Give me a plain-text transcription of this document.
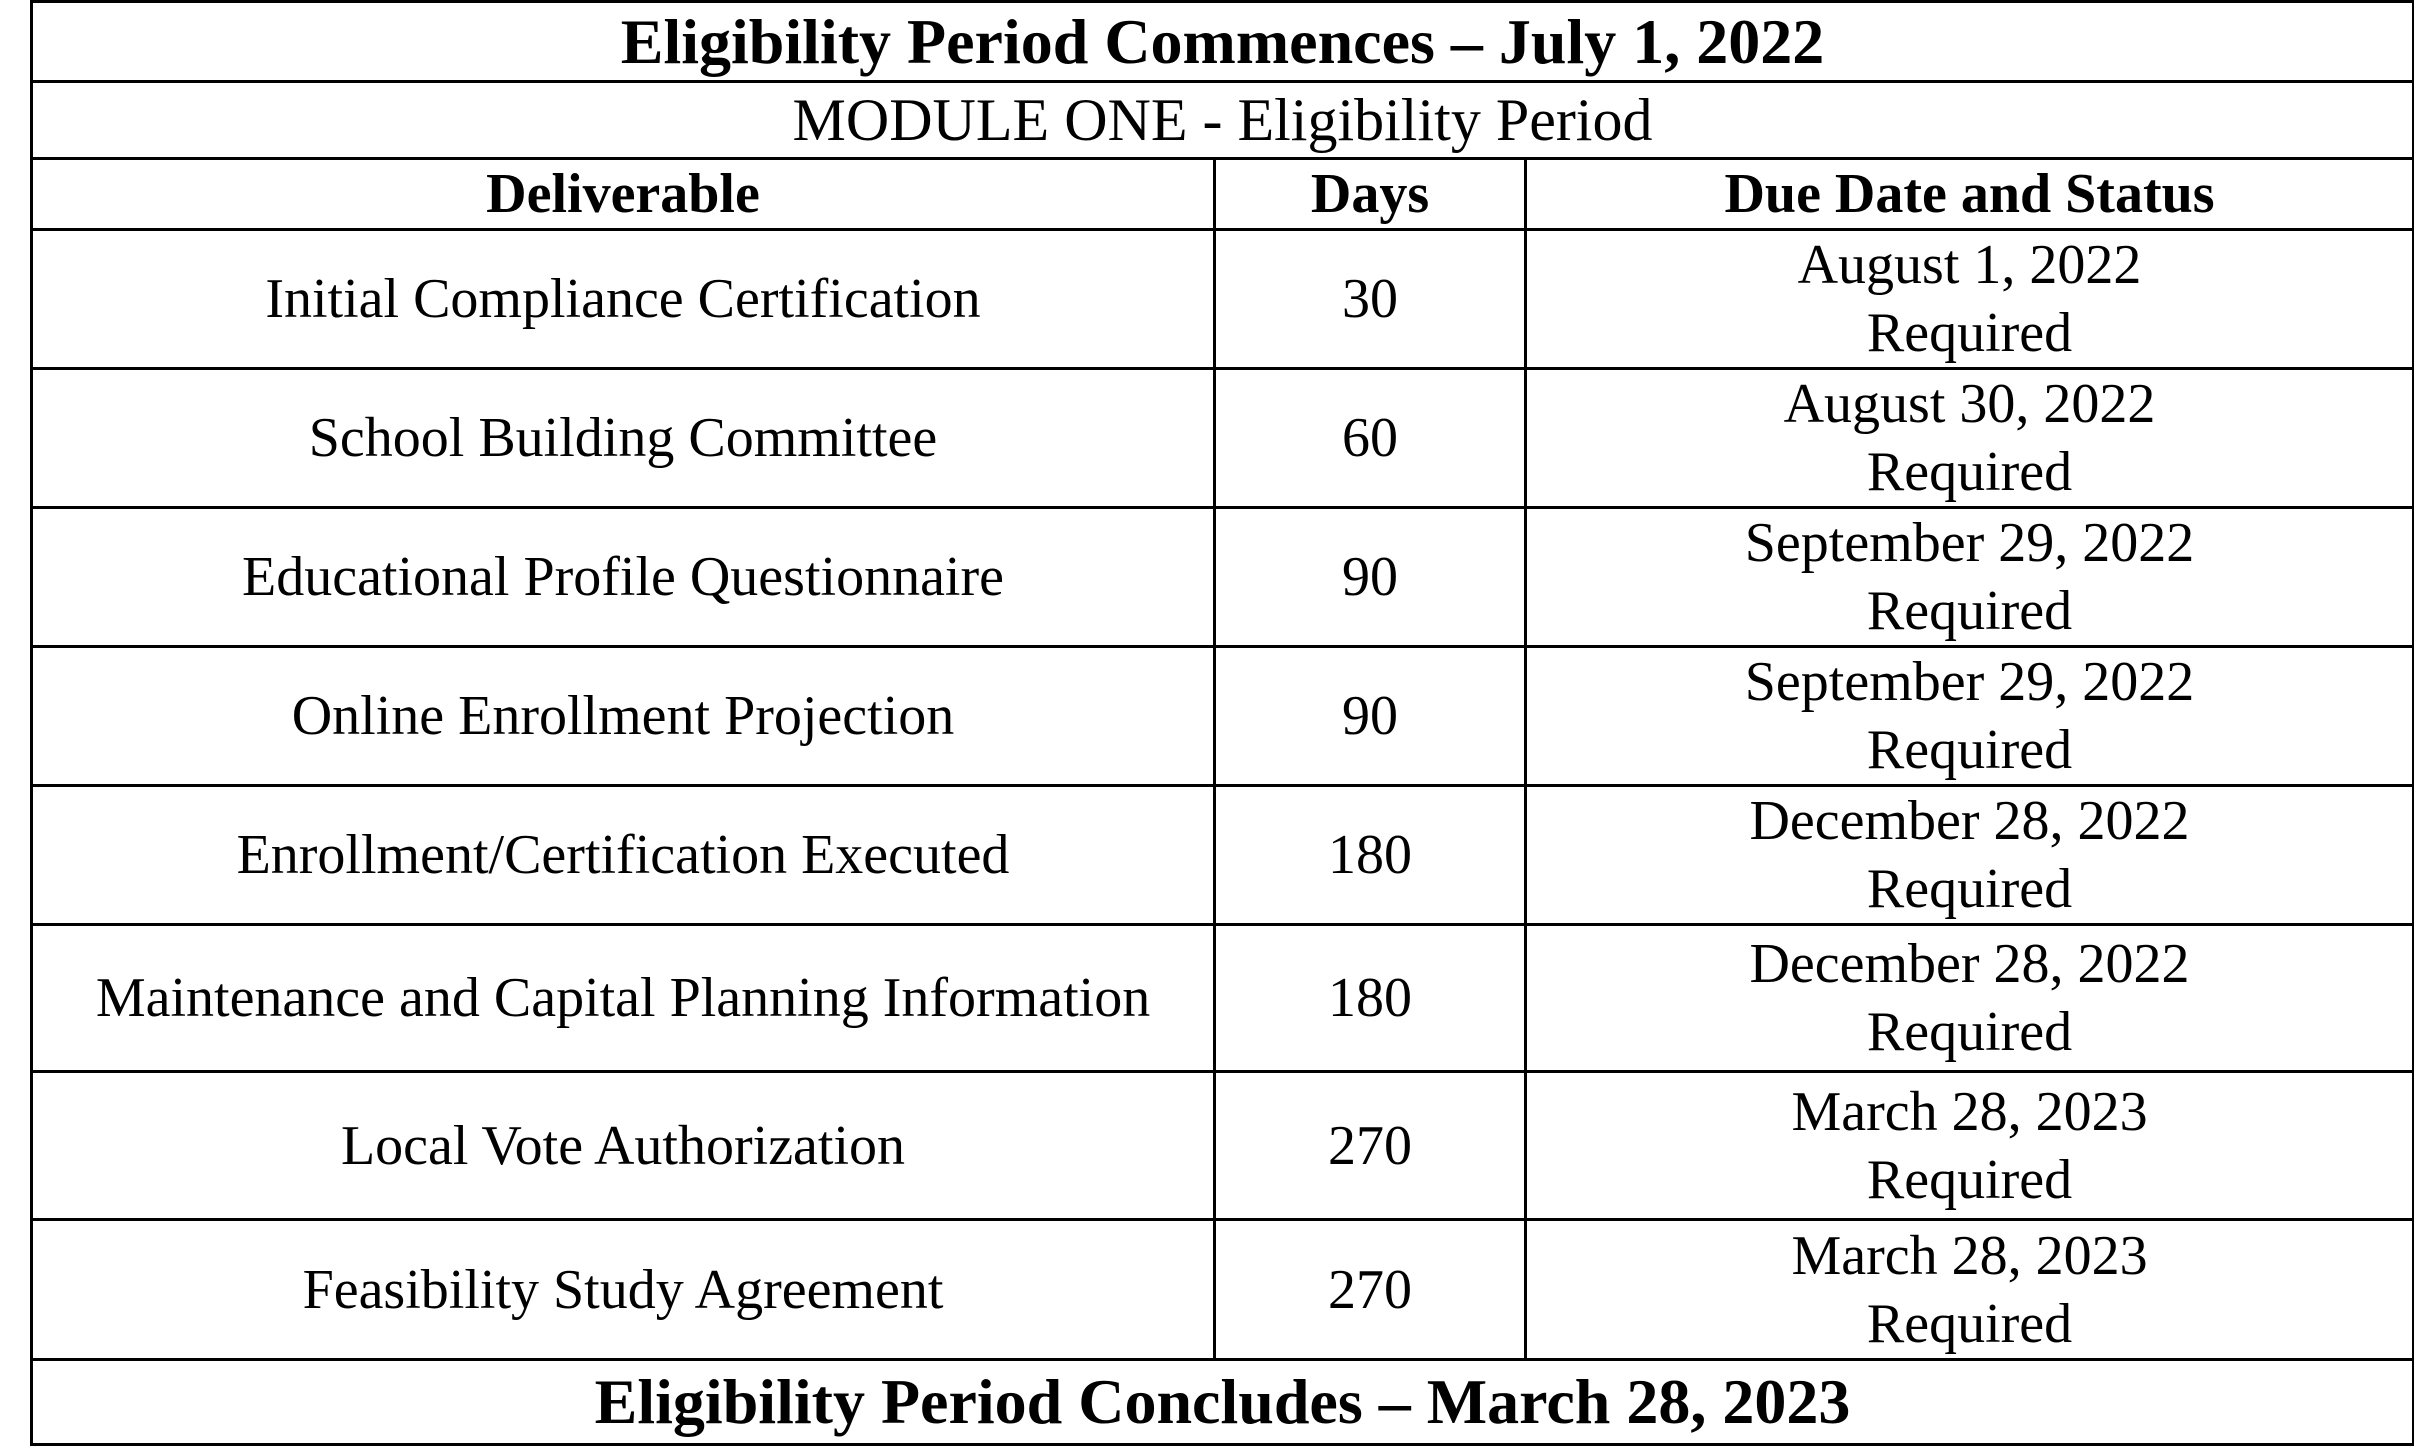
Eligibility Period Commences – July 1, 2022		
MODULE ONE - Eligibility Period		
Deliverable	Days	Due Date and Status
Initial Compliance Certification	30	August 1, 2022
Required

School Building Committee	60	August 30, 2022
Required

Educational Profile Questionnaire	90	September 29, 2022
Required

Online Enrollment Projection	90	September 29, 2022
Required

Enrollment/Certification Executed	180	December 28, 2022
Required

Maintenance and Capital Planning Information	180	December 28, 2022
Required

Local Vote Authorization	270	March 28, 2023
Required

Feasibility Study Agreement	270	March 28, 2023
Required

Eligibility Period Concludes – March 28, 2023		
